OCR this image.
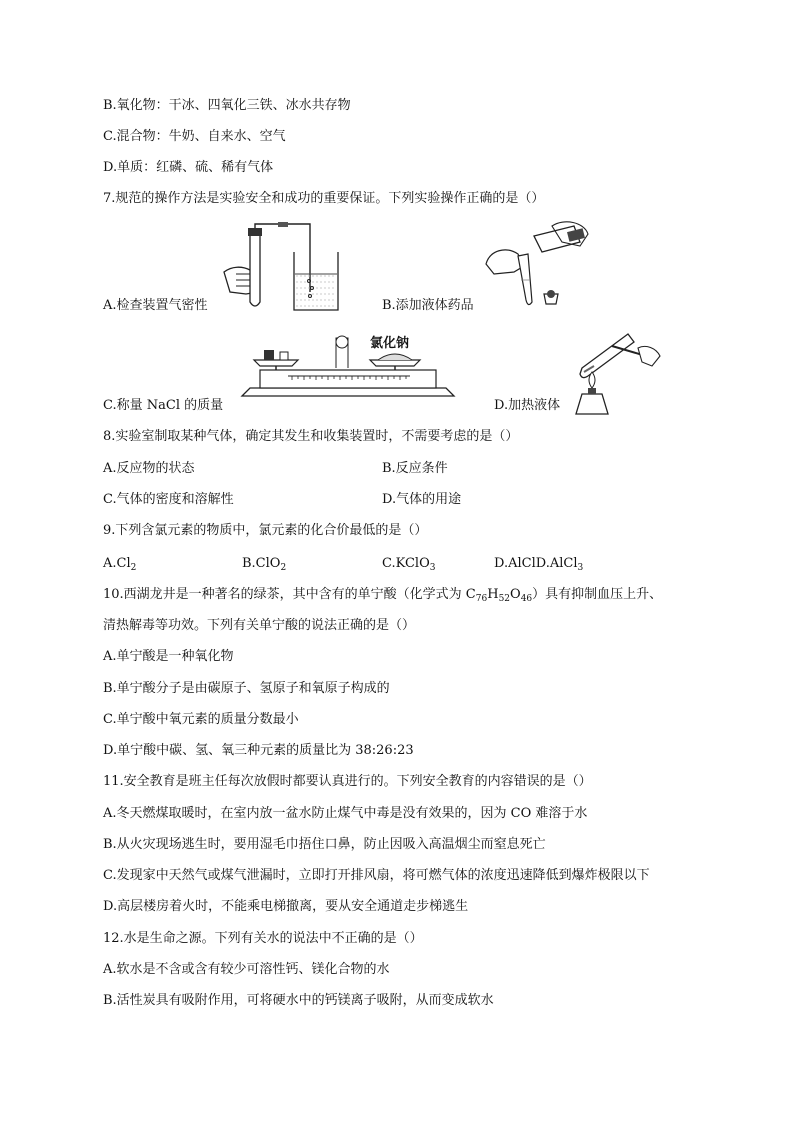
B.氧化物：干冰、四氧化三铁、冰水共存物
C.混合物：牛奶、自来水、空气
D.单质：红磷、硫、稀有气体
7.规范的操作方法是实验安全和成功的重要保证。下列实验操作正确的是（）
A.检查装置气密性	B.添加液体药品
氯化钠
C.称量 NaCl 的质量	D.加热液体
8.实验室制取某种气体，确定其发生和收集装置时，不需要考虑的是（）
A.反应物的状态	B.反应条件
C.气体的密度和溶解性	D.气体的用途
9.下列含氯元素的物质中，氯元素的化合价最低的是（）
$A.Cl_2$	B.ClO$_2$	C.KClO$_3$	D.AlClD.AlCl$_3$
10.西湖龙井是一种著名的绿茶，其中含有的单宁酸（化学式为 $C_{76}H_{52}O_{46}$）具有抑制血压上升、
清热解毒等功效。下列有关单宁酸的说法正确的是（）
A.单宁酸是一种氧化物
B.单宁酸分子是由碳原子、氢原子和氧原子构成的
C.单宁酸中氧元素的质量分数最小
D.单宁酸中碳、氢、氧三种元素的质量比为 38:26:23
11.安全教育是班主任每次放假时都要认真进行的。下列安全教育的内容错误的是（）
A.冬天燃煤取暖时，在室内放一盆水防止煤气中毒是没有效果的，因为 CO 难溶于水
B.从火灾现场逃生时，要用湿毛巾捂住口鼻，防止因吸入高温烟尘而窒息死亡
C.发现家中天然气或煤气泄漏时，立即打开排风扇，将可燃气体的浓度迅速降低到爆炸极限以下
D.高层楼房着火时，不能乘电梯撤离，要从安全通道走步梯逃生
12.水是生命之源。下列有关水的说法中不正确的是（）
A.软水是不含或含有较少可溶性钙、镁化合物的水
B.活性炭具有吸附作用，可将硬水中的钙镁离子吸附，从而变成软水
